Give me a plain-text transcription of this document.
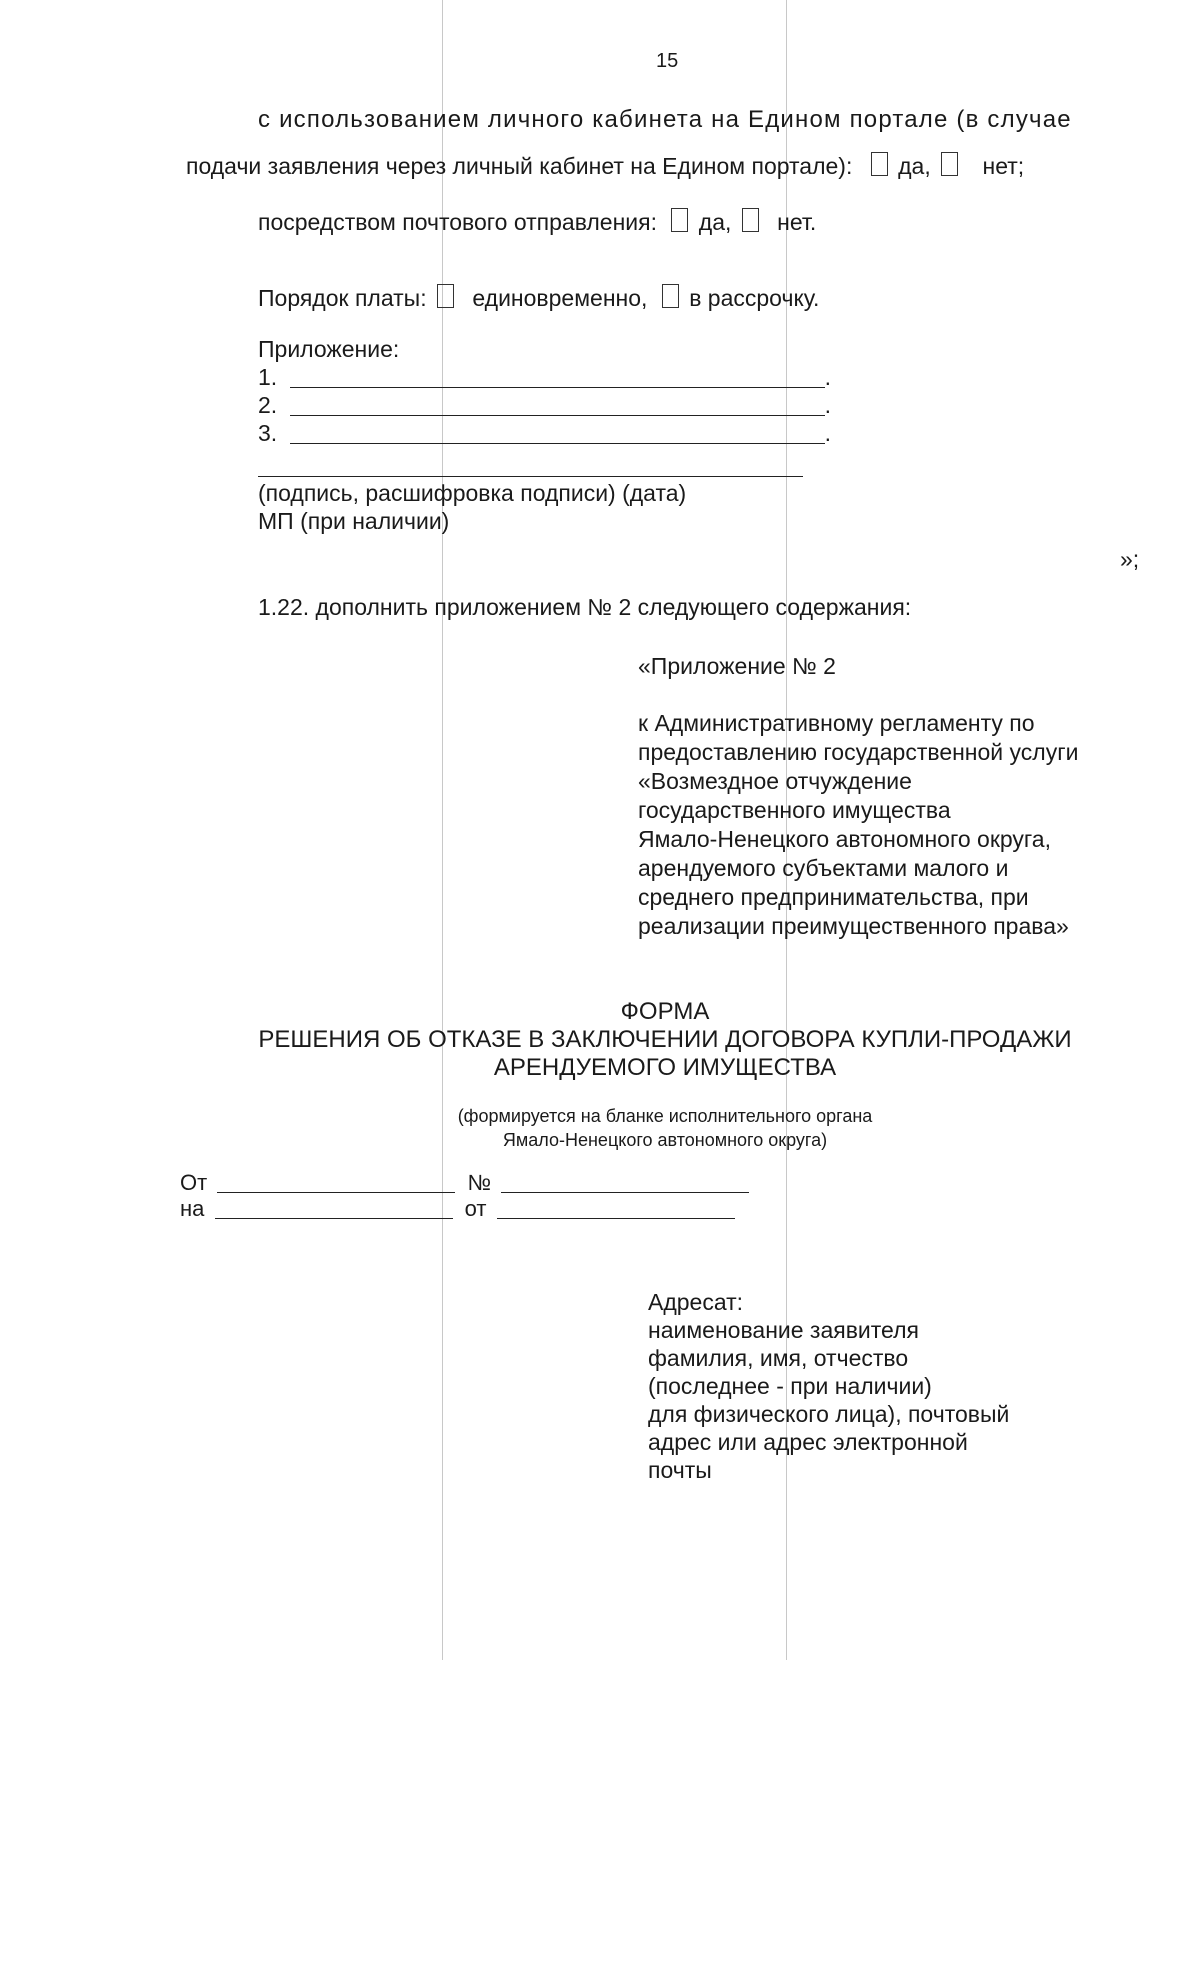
15
с использованием личного кабинета на Едином портале (в случае
подачи заявления через личный кабинет на Едином портале): да, нет;
посредством почтового отправления: да, нет.
Порядок платы: единовременно, в рассрочку.
Приложение:
1.	.
2.	.
3.	.
(подпись, расшифровка подписи) (дата)
МП (при наличии)
»;
1.22. дополнить приложением № 2 следующего содержания:
«Приложение № 2
к Административному регламенту по
предоставлению государственной услуги
«Возмездное отчуждение
государственного имущества
Ямало-Ненецкого автономного округа,
арендуемого субъектами малого и
среднего предпринимательства, при
реализации преимущественного права»
ФОРМА
РЕШЕНИЯ ОБ ОТКАЗЕ В ЗАКЛЮЧЕНИИ ДОГОВОРА КУПЛИ-ПРОДАЖИ
АРЕНДУЕМОГО ИМУЩЕСТВА
(формируется на бланке исполнительного органа
Ямало-Ненецкого автономного округа)
От	№
на	от
Адресат:
наименование заявителя
фамилия, имя, отчество
(последнее - при наличии)
для физического лица), почтовый
адрес или адрес электронной
почты
